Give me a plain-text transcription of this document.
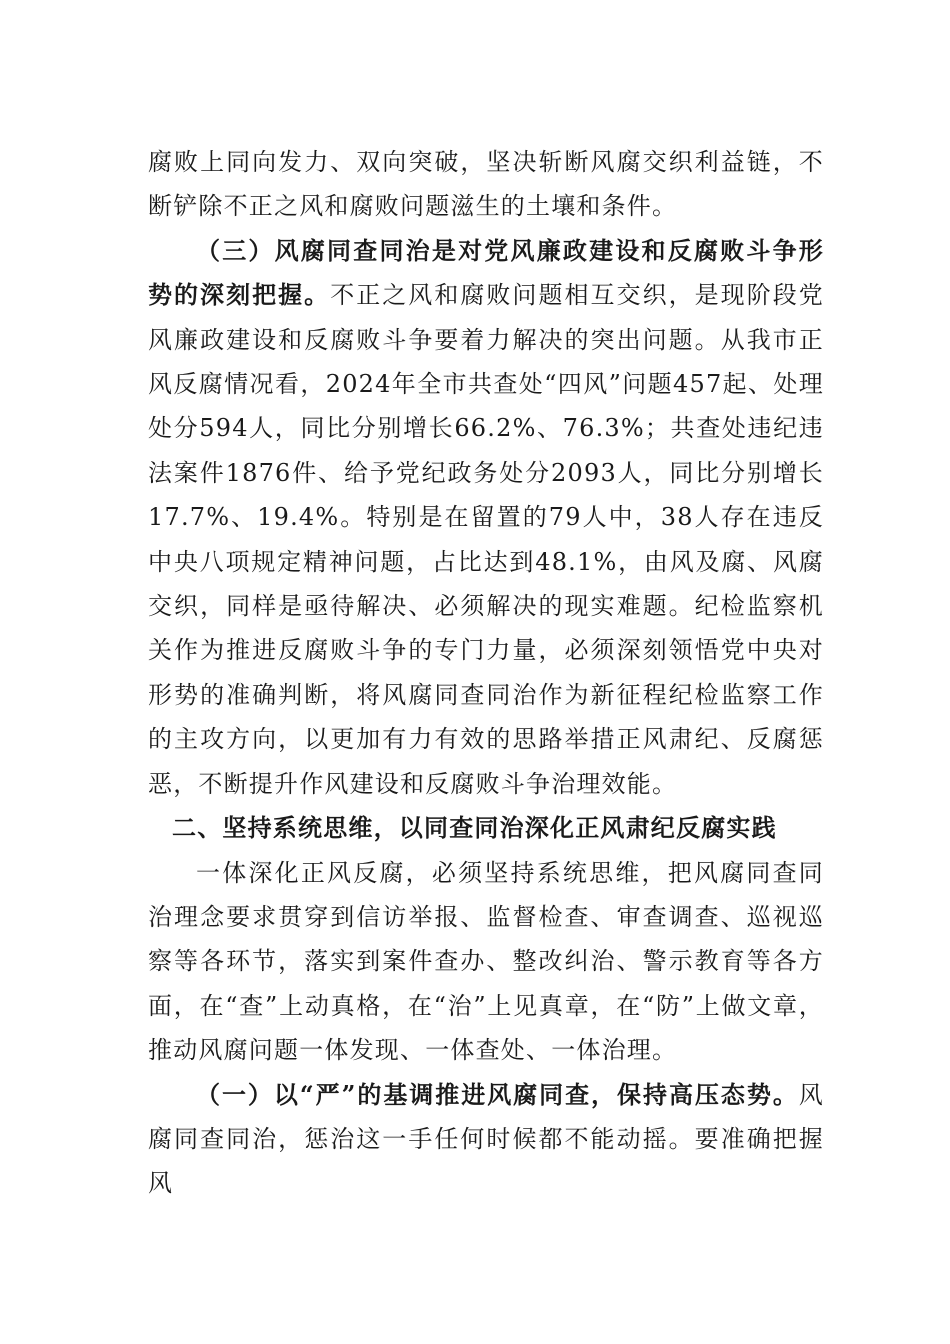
腐败上同向发力、双向突破，坚决斩断风腐交织利益链，不断铲除不正之风和腐败问题滋生的土壤和条件。

（三）风腐同查同治是对党风廉政建设和反腐败斗争形势的深刻把握。不正之风和腐败问题相互交织，是现阶段党风廉政建设和反腐败斗争要着力解决的突出问题。从我市正风反腐情况看，2024年全市共查处“四风”问题457起、处理处分594人，同比分别增长66.2%、76.3%；共查处违纪违法案件1876件、给予党纪政务处分2093人，同比分别增长17.7%、19.4%。特别是在留置的79人中，38人存在违反中央八项规定精神问题，占比达到48.1%，由风及腐、风腐交织，同样是亟待解决、必须解决的现实难题。纪检监察机关作为推进反腐败斗争的专门力量，必须深刻领悟党中央对形势的准确判断，将风腐同查同治作为新征程纪检监察工作的主攻方向，以更加有力有效的思路举措正风肃纪、反腐惩恶，不断提升作风建设和反腐败斗争治理效能。

二、坚持系统思维，以同查同治深化正风肃纪反腐实践

一体深化正风反腐，必须坚持系统思维，把风腐同查同治理念要求贯穿到信访举报、监督检查、审查调查、巡视巡察等各环节，落实到案件查办、整改纠治、警示教育等各方面，在“查”上动真格，在“治”上见真章，在“防”上做文章，推动风腐问题一体发现、一体查处、一体治理。

（一）以“严”的基调推进风腐同查，保持高压态势。风腐同查同治，惩治这一手任何时候都不能动摇。要准确把握风
